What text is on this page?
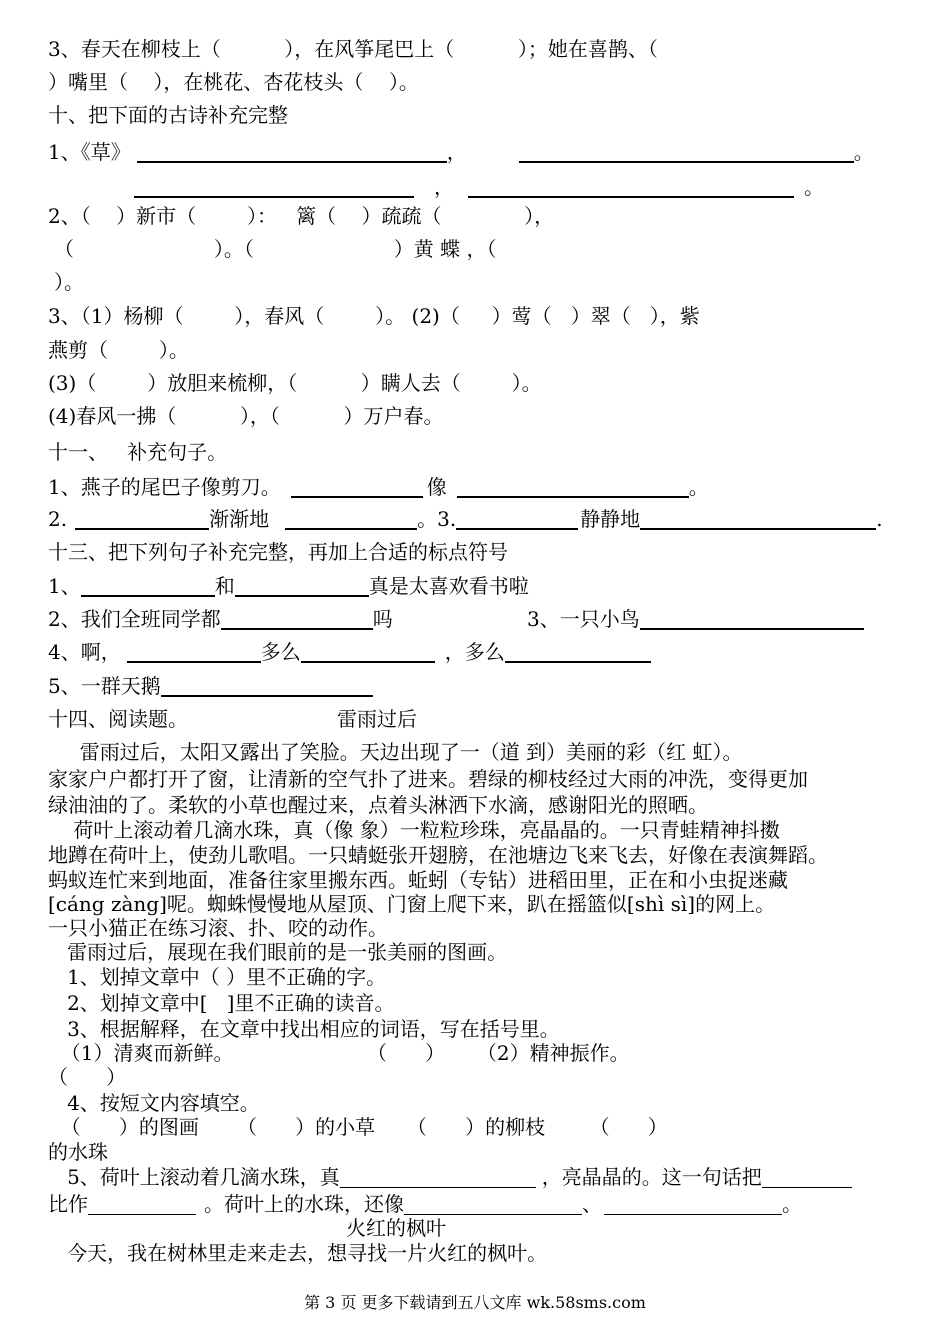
3、春天在柳枝上（          ），在风筝尾巴上（          ）；她在喜鹊、（
）嘴里（    ），在桃花、杏花枝头（    ）。
十、把下面的古诗补充完整
1、《草》	，	。
，	。
2、（    ）新市（        ）：   篱（    ）疏疏（             ），
（                      ）。（                      ）黄 蝶 ，（
）。
3、（1）杨柳（        ），春风（        ）。 (2)（     ）莺（   ）翠（   ），紫
燕剪（        ）。
(3)（        ）放胆来梳柳，（          ）瞒人去（        ）。
(4)春风一拂（          ），（          ）万户春。
十一、   补充句子。
1、燕子的尾巴子像剪刀。	像	。
2.	渐渐地	。3.	静静地	.
十三、把下列句子补充完整，再加上合适的标点符号
1、	和	真是太喜欢看书啦
2、我们全班同学都	吗	3、一只小鸟
4、啊，	多么	，多么
5、一群天鹅
十四、阅读题。	雷雨过后
雷雨过后，太阳又露出了笑脸。天边出现了一（道 到）美丽的彩（红 虹）。
家家户户都打开了窗，让清新的空气扑了进来。碧绿的柳枝经过大雨的冲洗，变得更加
绿油油的了。柔软的小草也醒过来，点着头淋洒下水滴，感谢阳光的照晒。
荷叶上滚动着几滴水珠，真（像 象）一粒粒珍珠，亮晶晶的。一只青蛙精神抖擞
地蹲在荷叶上，使劲儿歌唱。一只蜻蜓张开翅膀，在池塘边飞来飞去，好像在表演舞蹈。
蚂蚁连忙来到地面，准备往家里搬东西。蚯蚓（专钻）进稻田里，正在和小虫捉迷藏
[cáng zàng]呢。蜘蛛慢慢地从屋顶、门窗上爬下来，趴在摇篮似[shì sì]的网上。
一只小猫正在练习滚、扑、咬的动作。
雷雨过后，展现在我们眼前的是一张美丽的图画。
1、划掉文章中（ ）里不正确的字。
2、划掉文章中[   ]里不正确的读音。
3、根据解释，在文章中找出相应的词语，写在括号里。
（1）清爽而新鲜。                     （      ）     （2）精神振作。
（      ）
4、按短文内容填空。
（      ）的图画      （      ）的小草     （      ）的柳枝       （      ）
的水珠
5、荷叶上滚动着几滴水珠，真	，亮晶晶的。这一句话把
比作	。荷叶上的水珠，还像	、	。
火红的枫叶
今天，我在树林里走来走去，想寻找一片火红的枫叶。
第 3 页 更多下载请到五八文库 wk.58sms.com
